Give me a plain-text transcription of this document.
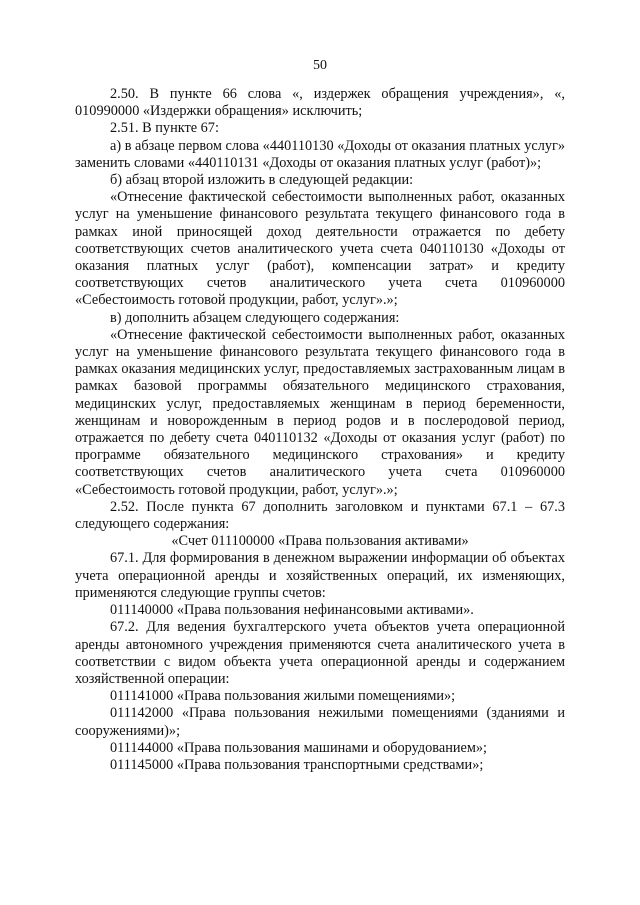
50

2.50. В пункте 66 слова «, издержек обращения учреждения», «, 010990000 «Издержки обращения» исключить;

2.51. В пункте 67:

а) в абзаце первом слова «440110130 «Доходы от оказания платных услуг» заменить словами «440110131 «Доходы от оказания платных услуг (работ)»;

б) абзац второй изложить в следующей редакции:

«Отнесение фактической себестоимости выполненных работ, оказанных услуг на уменьшение финансового результата текущего финансового года в рамках иной приносящей доход деятельности отражается по дебету соответствующих счетов аналитического учета счета 040110130 «Доходы от оказания платных услуг (работ), компенсации затрат» и кредиту соответствующих счетов аналитического учета счета 010960000 «Себестоимость готовой продукции, работ, услуг».»;

в) дополнить абзацем следующего содержания:

«Отнесение фактической себестоимости выполненных работ, оказанных услуг на уменьшение финансового результата текущего финансового года в рамках оказания медицинских услуг, предоставляемых застрахованным лицам в рамках базовой программы обязательного медицинского страхования, медицинских услуг, предоставляемых женщинам в период беременности, женщинам и новорожденным в период родов и в послеродовой период, отражается по дебету счета 040110132 «Доходы от оказания услуг (работ) по программе обязательного медицинского страхования» и кредиту соответствующих счетов аналитического учета счета 010960000 «Себестоимость готовой продукции, работ, услуг».»;

2.52. После пункта 67 дополнить заголовком и пунктами 67.1 – 67.3 следующего содержания:

«Счет 011100000 «Права пользования активами»

67.1. Для формирования в денежном выражении информации об объектах учета операционной аренды и хозяйственных операций, их изменяющих, применяются следующие группы счетов:

011140000 «Права пользования нефинансовыми активами».

67.2. Для ведения бухгалтерского учета объектов учета операционной аренды автономного учреждения применяются счета аналитического учета в соответствии с видом объекта учета операционной аренды и содержанием хозяйственной операции:

011141000 «Права пользования жилыми помещениями»;

011142000 «Права пользования нежилыми помещениями (зданиями и сооружениями)»;

011144000 «Права пользования машинами и оборудованием»;

011145000 «Права пользования транспортными средствами»;
